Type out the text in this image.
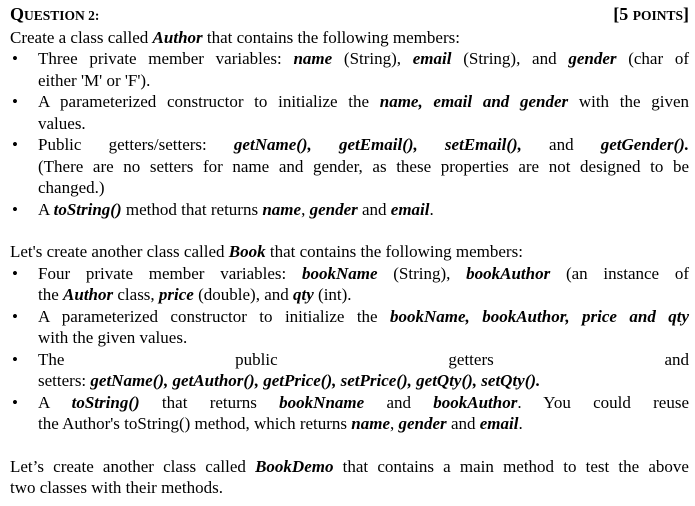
QUESTION 2:	[5 POINTS]

Create a class called Author that contains the following members:

• Three private member variables: name (String), email (String), and gender (char of
either 'M' or 'F').
• A parameterized constructor to initialize the name, email and gender with the given
values.
• Public getters/setters: getName(), getEmail(), setEmail(), and getGender().
(There are no setters for name and gender, as these properties are not designed to be
changed.)
• A toString() method that returns name, gender and email.

Let's create another class called Book that contains the following members:

• Four private member variables: bookName (String), bookAuthor (an instance of
the Author class, price (double), and qty (int).
• A parameterized constructor to initialize the bookName, bookAuthor, price and qty
with the given values.
• The public getters and
setters: getName(), getAuthor(), getPrice(), setPrice(), getQty(), setQty().
• A toString() that returns bookNname and bookAuthor. You could reuse
the Author's toString() method, which returns name, gender and email.

Let’s create another class called BookDemo that contains a main method to test the above

two classes with their methods.
